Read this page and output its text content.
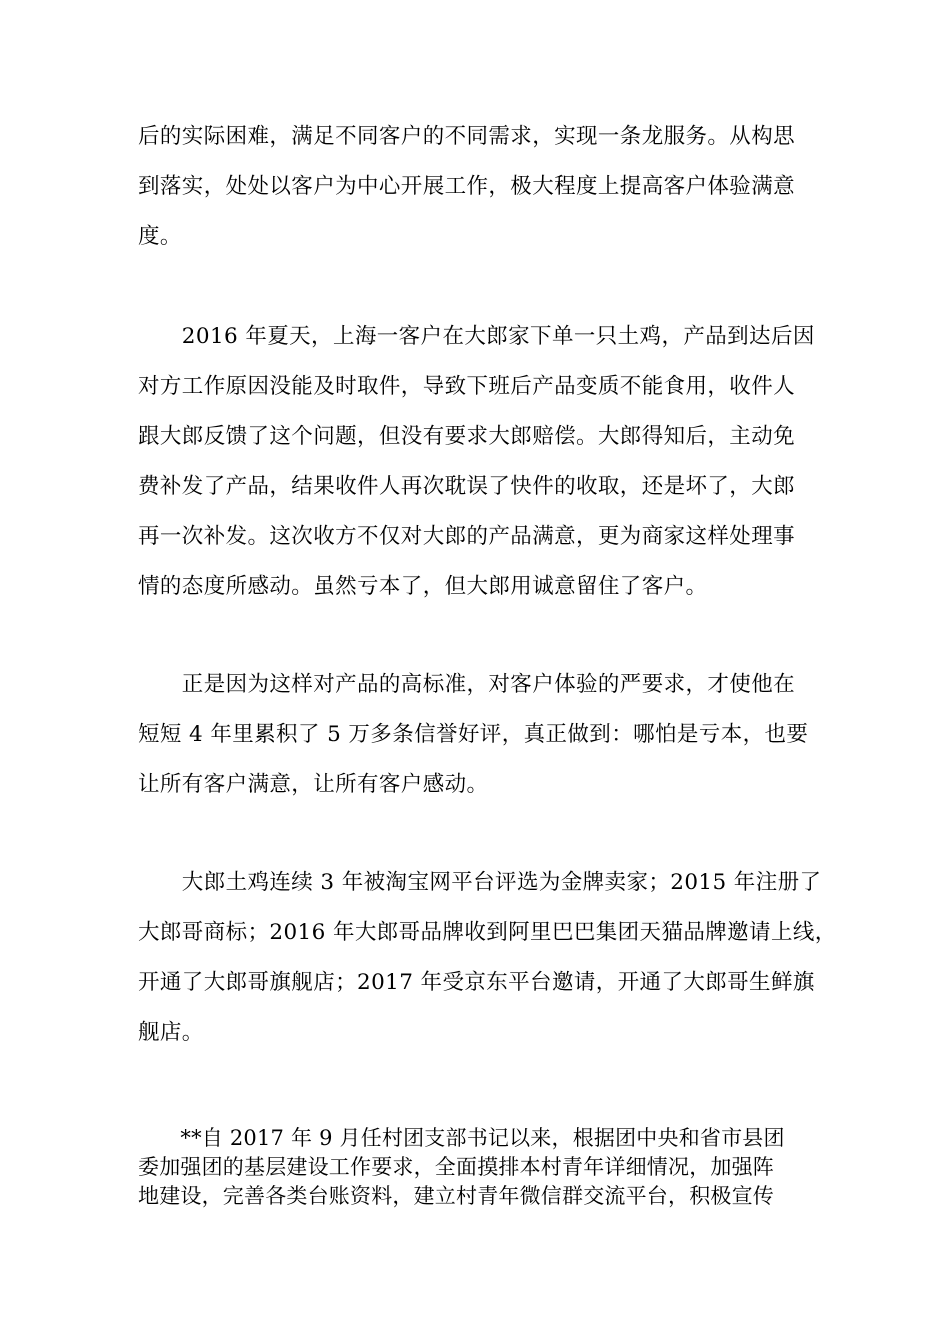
后的实际困难，满足不同客户的不同需求，实现一条龙服务。从构思
到落实，处处以客户为中心开展工作，极大程度上提高客户体验满意
度。

　　2016 年夏天，上海一客户在大郎家下单一只土鸡，产品到达后因
对方工作原因没能及时取件，导致下班后产品变质不能食用，收件人
跟大郎反馈了这个问题，但没有要求大郎赔偿。大郎得知后，主动免
费补发了产品，结果收件人再次耽误了快件的收取，还是坏了，大郎
再一次补发。这次收方不仅对大郎的产品满意，更为商家这样处理事
情的态度所感动。虽然亏本了，但大郎用诚意留住了客户。

　　正是因为这样对产品的高标准，对客户体验的严要求，才使他在
短短 4 年里累积了 5 万多条信誉好评，真正做到：哪怕是亏本，也要
让所有客户满意，让所有客户感动。

　　大郎土鸡连续 3 年被淘宝网平台评选为金牌卖家；2015 年注册了
大郎哥商标；2016 年大郎哥品牌收到阿里巴巴集团天猫品牌邀请上线，
开通了大郎哥旗舰店；2017 年受京东平台邀请，开通了大郎哥生鲜旗
舰店。

　　**自 2017 年 9 月任村团支部书记以来，根据团中央和省市县团
委加强团的基层建设工作要求，全面摸排本村青年详细情况，加强阵
地建设，完善各类台账资料，建立村青年微信群交流平台，积极宣传
